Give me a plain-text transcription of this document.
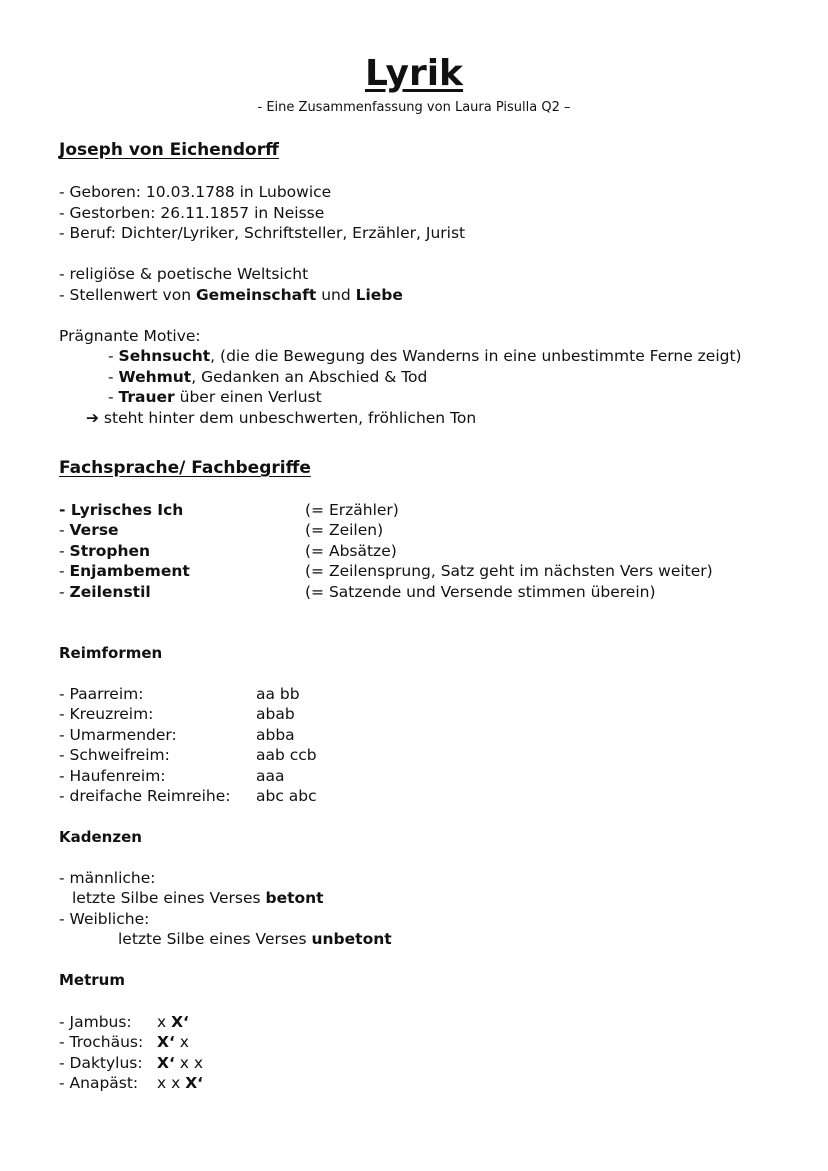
Lyrik
- Eine Zusammenfassung von Laura Pisulla Q2 –
Joseph von Eichendorff
- Geboren: 10.03.1788 in Lubowice
- Gestorben: 26.11.1857 in Neisse
- Beruf: Dichter/Lyriker, Schriftsteller, Erzähler, Jurist
- religiöse & poetische Weltsicht
- Stellenwert von Gemeinschaft und Liebe
Prägnante Motive:
- Sehnsucht, (die die Bewegung des Wanderns in eine unbestimmte Ferne zeigt)
- Wehmut, Gedanken an Abschied & Tod
- Trauer über einen Verlust
➔ steht hinter dem unbeschwerten, fröhlichen Ton
Fachsprache/ Fachbegriffe
- Lyrisches Ich	(= Erzähler)
- Verse	(= Zeilen)
- Strophen	(= Absätze)
- Enjambement	(= Zeilensprung, Satz geht im nächsten Vers weiter)
- Zeilenstil	(= Satzende und Versende stimmen überein)
Reimformen
- Paarreim:	aa bb
- Kreuzreim:	abab
- Umarmender:	abba
- Schweifreim:	aab ccb
- Haufenreim:	aaa
- dreifache Reimreihe: abc abc
Kadenzen
- männliche:
letzte Silbe eines Verses betont
- Weibliche:
letzte Silbe eines Verses unbetont
Metrum
- Jambus: x X‘
- Trochäus: X‘ x
- Daktylus: X‘ x x
- Anapäst: x x X‘
